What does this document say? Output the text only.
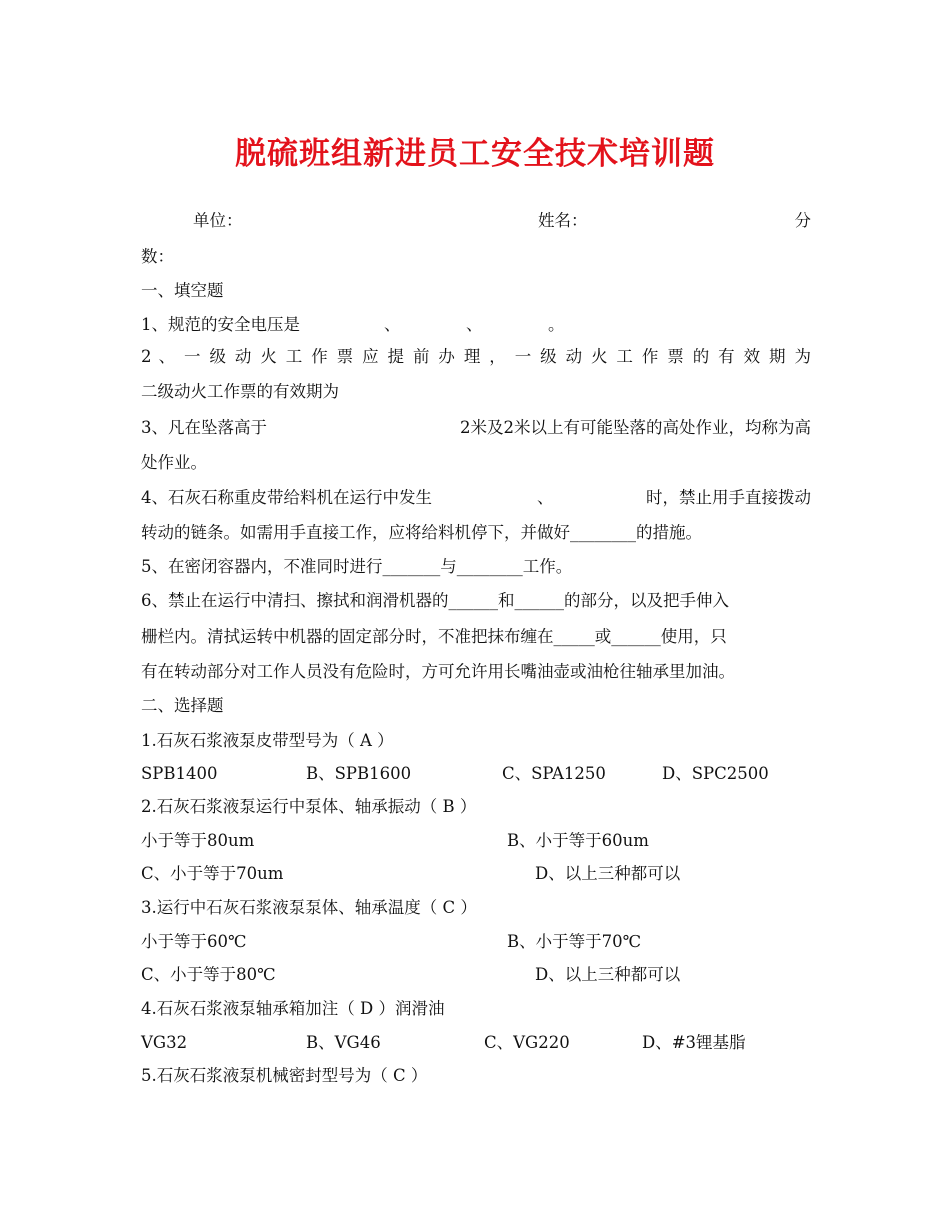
脱硫班组新进员工安全技术培训题
单位：	姓名：	分
数：
一、填空题
1、规范的安全电压是	、	、	。
2 、 一 级 动 火 工 作 票 应 提 前 办 理 ， 一 级 动 火 工 作 票 的 有 效 期 为
二级动火工作票的有效期为
3、凡在坠落高于	2米及2米以上有可能坠落的高处作业，均称为高
处作业。
4、石灰石称重皮带给料机在运行中发生	、	时，禁止用手直接拨动
转动的链条。如需用手直接工作，应将给料机停下，并做好________的措施。
5、在密闭容器内，不准同时进行_______与________工作。
6、禁止在运行中清扫、擦拭和润滑机器的______和______的部分，以及把手伸入
栅栏内。清拭运转中机器的固定部分时，不准把抹布缠在_____或______使用，只
有在转动部分对工作人员没有危险时，方可允许用长嘴油壶或油枪往轴承里加油。
二、选择题
1.石灰石浆液泵皮带型号为（ A ）
SPB1400	B、SPB1600	C、SPA1250	D、SPC2500
2.石灰石浆液泵运行中泵体、轴承振动（ B ）
小于等于80um	B、小于等于60um
C、小于等于70um	D、以上三种都可以
3.运行中石灰石浆液泵泵体、轴承温度（ C ）
小于等于60℃	B、小于等于70℃
C、小于等于80℃	D、以上三种都可以
4.石灰石浆液泵轴承箱加注（ D ）润滑油
VG32	B、VG46	C、VG220	D、#3锂基脂
5.石灰石浆液泵机械密封型号为（ C ）
